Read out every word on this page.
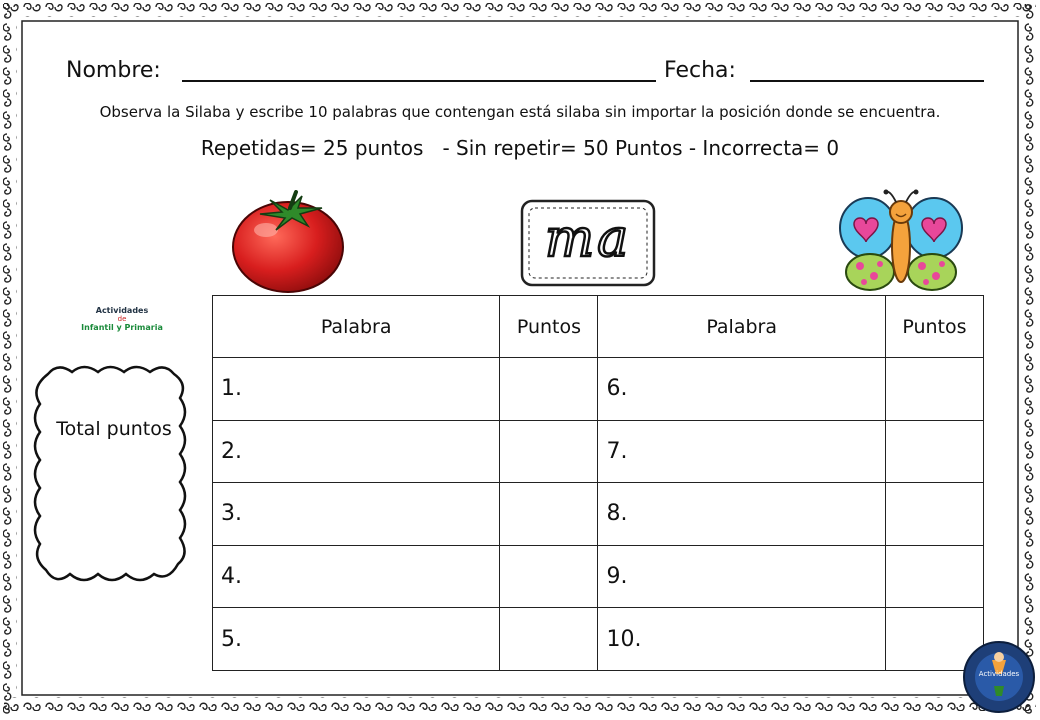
Nombre:	Fecha:
Observa la Silaba y escribe 10 palabras que contengan está silaba sin importar la posición donde se encuentra.
Repetidas= 25 puntos   - Sin repetir= 50 Puntos - Incorrecta= 0
ma
Actividades
de
Infantil y Primaria
Total puntos
Palabra	Puntos	Palabra	Puntos
1.		6.	
2.		7.	
3.		8.	
4.		9.	
5.		10.	
Actividades
